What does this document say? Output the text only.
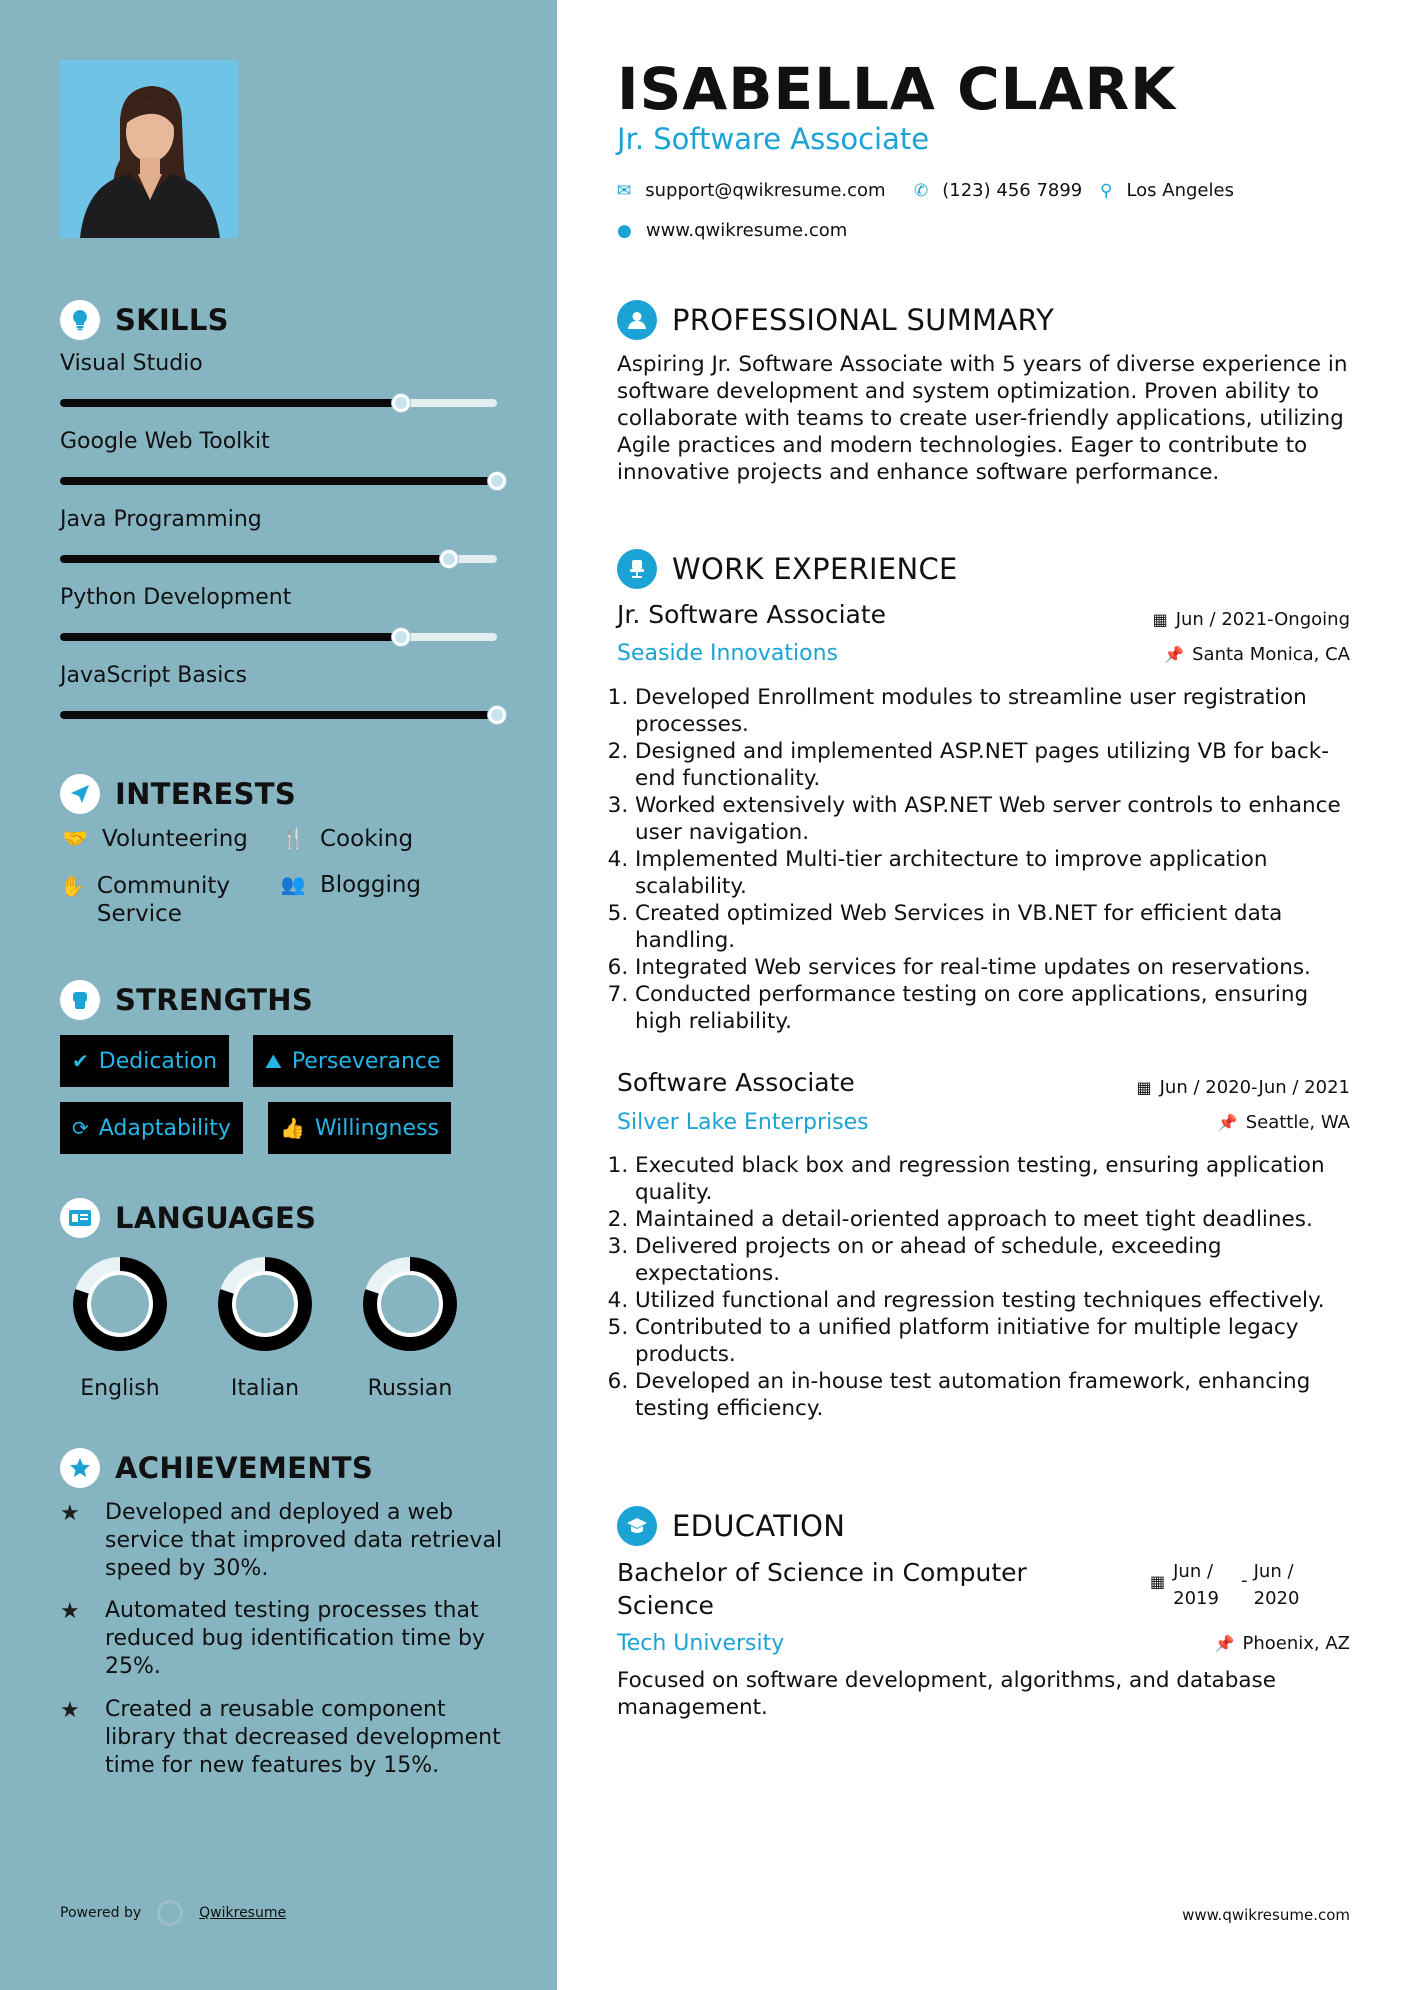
SKILLS
Visual Studio
Google Web Toolkit
Java Programming
Python Development
JavaScript Basics
INTERESTS
🤝 Volunteering 🍴 Cooking
✋ Community Service
👥 Blogging
STRENGTHS
✔ Dedication ⛰ Perseverance
⟳ Adaptability 👍 Willingness
LANGUAGES
English	Italian	Russian
ACHIEVEMENTS
★	Developed and deployed a web service that improved data retrieval speed by 30%.
★	Automated testing processes that reduced bug identification time by 25%.
★	Created a reusable component library that decreased development time for new features by 15%.
Powered by	Qwikresume
ISABELLA CLARK
Jr. Software Associate
✉ support@qwikresume.com ✆ (123) 456 7899 ⚲ Los Angeles
● www.qwikresume.com
PROFESSIONAL SUMMARY
Aspiring Jr. Software Associate with 5 years of diverse experience in software development and system optimization. Proven ability to collaborate with teams to create user-friendly applications, utilizing Agile practices and modern technologies. Eager to contribute to innovative projects and enhance software performance.
WORK EXPERIENCE
Jr. Software Associate	▦ Jun / 2021-Ongoing
Seaside Innovations	📌 Santa Monica, CA
1. Developed Enrollment modules to streamline user registration processes.
2. Designed and implemented ASP.NET pages utilizing VB for back-end functionality.
3. Worked extensively with ASP.NET Web server controls to enhance user navigation.
4. Implemented Multi-tier architecture to improve application scalability.
5. Created optimized Web Services in VB.NET for efficient data handling.
6. Integrated Web services for real-time updates on reservations.
7. Conducted performance testing on core applications, ensuring high reliability.
Software Associate	▦ Jun / 2020-Jun / 2021
Silver Lake Enterprises	📌 Seattle, WA
1. Executed black box and regression testing, ensuring application quality.
2. Maintained a detail-oriented approach to meet tight deadlines.
3. Delivered projects on or ahead of schedule, exceeding expectations.
4. Utilized functional and regression testing techniques effectively.
5. Contributed to a unified platform initiative for multiple legacy products.
6. Developed an in-house test automation framework, enhancing testing efficiency.
EDUCATION
Bachelor of Science in Computer Science
▦ Jun / 2019
- Jun / 2020
Tech University	📌 Phoenix, AZ
Focused on software development, algorithms, and database management.
www.qwikresume.com
